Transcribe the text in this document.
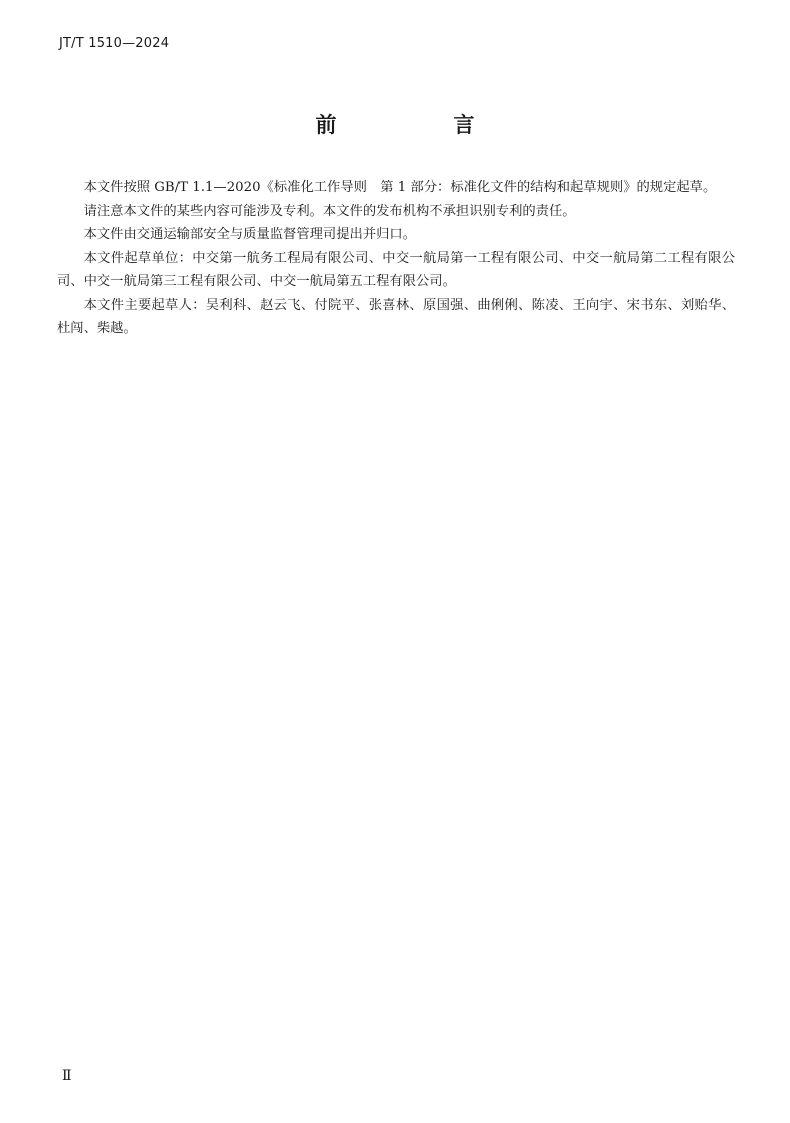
JT/T 1510—2024
前　言

本文件按照 GB/T 1.1—2020《标准化工作导则　第 1 部分：标准化文件的结构和起草规则》的规定起草。

请注意本文件的某些内容可能涉及专利。本文件的发布机构不承担识别专利的责任。

本文件由交通运输部安全与质量监督管理司提出并归口。

本文件起草单位：中交第一航务工程局有限公司、中交一航局第一工程有限公司、中交一航局第二工程有限公司、中交一航局第三工程有限公司、中交一航局第五工程有限公司。

本文件主要起草人：吴利科、赵云飞、付院平、张喜林、原国强、曲俐俐、陈凌、王向宇、宋书东、刘贻华、杜闯、柴越。

Ⅱ
